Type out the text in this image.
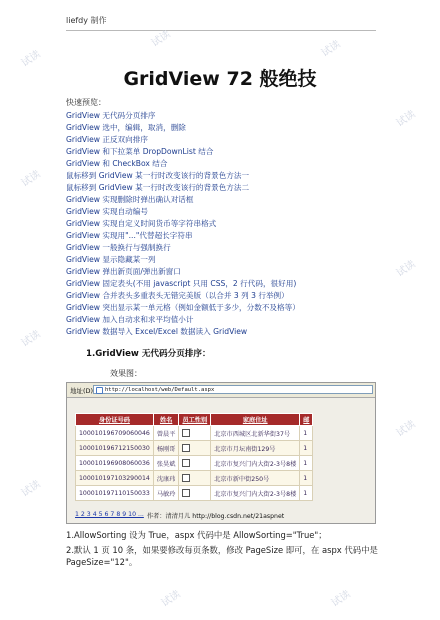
liefdy 制作
GridView 72 般绝技
快速预览：
GridView 无代码分页排序
GridView 选中，编辑，取消，删除
GridView 正反双向排序
GridView 和下拉菜单 DropDownList 结合
GridView 和 CheckBox 结合
鼠标移到 GridView 某一行时改变该行的背景色方法一
鼠标移到 GridView 某一行时改变该行的背景色方法二
GridView 实现删除时弹出确认对话框
GridView 实现自动编号
GridView 实现自定义时间货币等字符串格式
GridView 实现用"..."代替超长字符串
GridView 一般换行与强制换行
GridView 显示隐藏某一列
GridView 弹出新页面/弹出新窗口
GridView 固定表头(不用 javascript 只用 CSS，2 行代码，很好用)
GridView 合并表头多重表头无错完美版（以合并 3 列 3 行举例）
GridView 突出显示某一单元格（例如金额低于多少，分数不及格等）
GridView 加入自动求和求平均值小计
GridView 数据导入 Excel/Excel 数据读入 GridView
1.GridView 无代码分页排序：
效果图：
地址(D) http://localhost/web/Default.aspx
身份证号码	姓名	员工性别	家庭住址	邮
100010196709060046	曾晨平		北京市西城区北新华街37号	1
100010196712150030	杨刚哥		北京市月坛南街129号	1
100010196908060036	张昊斌		北京市复兴门内大街2-3号8楼	1
100010197103290014	沈康玮		北京市新中街250号	1
100010197110150033	马敏玲		北京市复兴门内大街2-3号8楼	1
1 2 3 4 5 6 7 8 9 10 ... 作者：清清月儿 http://blog.csdn.net/21aspnet
1.AllowSorting 设为 True，aspx 代码中是 AllowSorting="True"；
2.默认 1 页 10 条，如果要修改每页条数，修改 PageSize 即可，在 aspx 代码中是 PageSize="12"。
试读
试读	试读
试读
试读
试读
试读
试读
试读
试读	试读
